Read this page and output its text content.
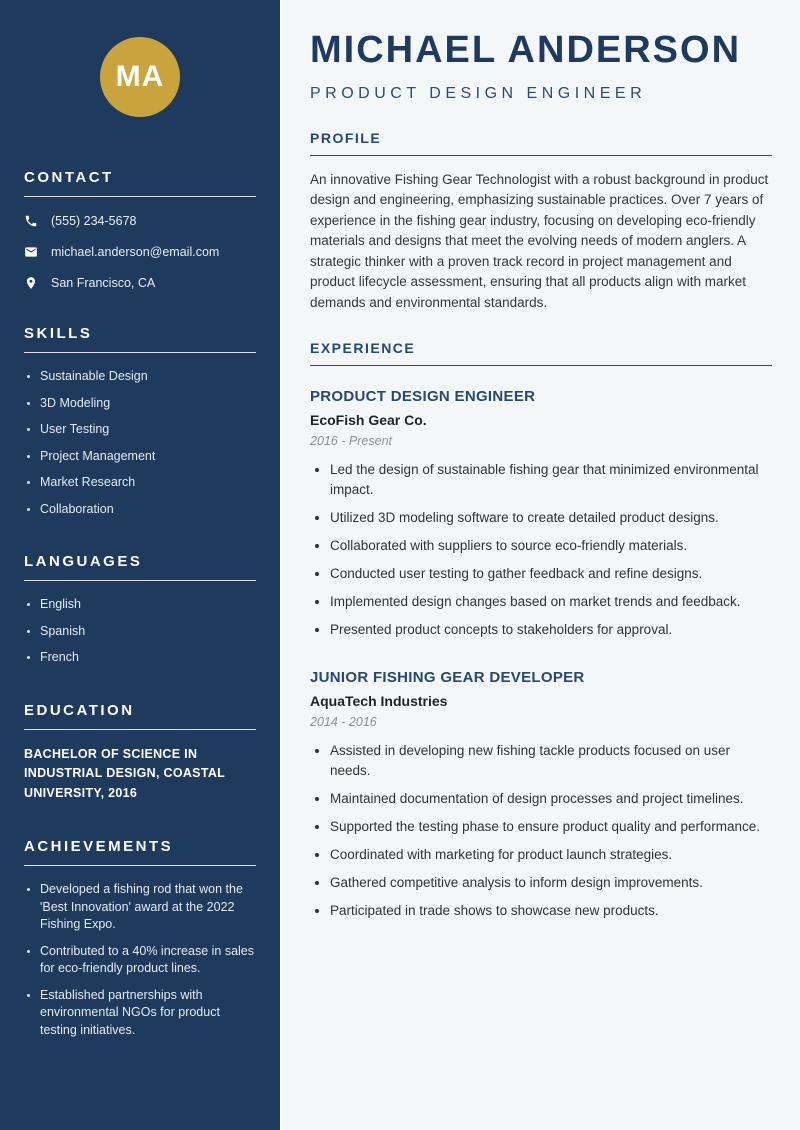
MA
CONTACT
(555) 234-5678
michael.anderson@email.com
San Francisco, CA
SKILLS
• Sustainable Design
• 3D Modeling
• User Testing
• Project Management
• Market Research
• Collaboration
LANGUAGES
• English
• Spanish
• French
EDUCATION
BACHELOR OF SCIENCE IN INDUSTRIAL DESIGN, COASTAL UNIVERSITY, 2016
ACHIEVEMENTS
• Developed a fishing rod that won the 'Best Innovation' award at the 2022 Fishing Expo.
• Contributed to a 40% increase in sales for eco-friendly product lines.
• Established partnerships with environmental NGOs for product testing initiatives.
MICHAEL ANDERSON
PRODUCT DESIGN ENGINEER
PROFILE

An innovative Fishing Gear Technologist with a robust background in product design and engineering, emphasizing sustainable practices. Over 7 years of experience in the fishing gear industry, focusing on developing eco-friendly materials and designs that meet the evolving needs of modern anglers. A strategic thinker with a proven track record in project management and product lifecycle assessment, ensuring that all products align with market demands and environmental standards.

EXPERIENCE
PRODUCT DESIGN ENGINEER
EcoFish Gear Co.
2016 - Present
• Led the design of sustainable fishing gear that minimized environmental impact.
• Utilized 3D modeling software to create detailed product designs.
• Collaborated with suppliers to source eco-friendly materials.
• Conducted user testing to gather feedback and refine designs.
• Implemented design changes based on market trends and feedback.
• Presented product concepts to stakeholders for approval.
JUNIOR FISHING GEAR DEVELOPER
AquaTech Industries
2014 - 2016
• Assisted in developing new fishing tackle products focused on user needs.
• Maintained documentation of design processes and project timelines.
• Supported the testing phase to ensure product quality and performance.
• Coordinated with marketing for product launch strategies.
• Gathered competitive analysis to inform design improvements.
• Participated in trade shows to showcase new products.
